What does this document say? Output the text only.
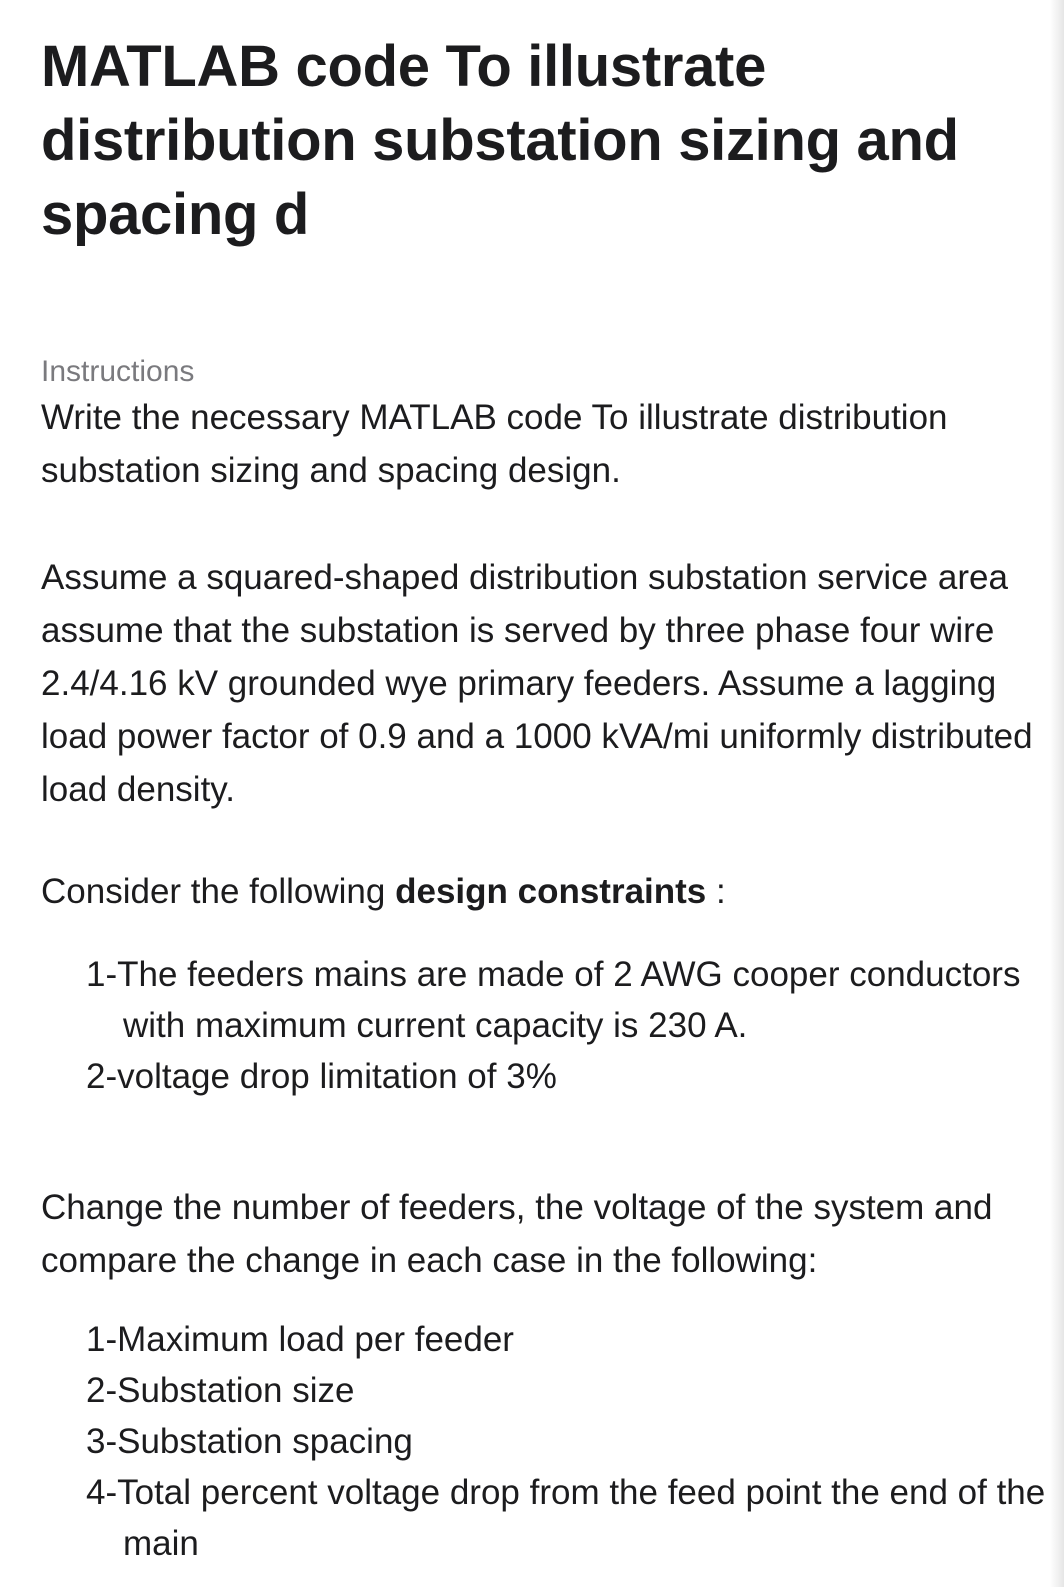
MATLAB code To illustrate distribution substation sizing and spacing d

Instructions

Write the necessary MATLAB code To illustrate distribution substation sizing and spacing design.

Assume a squared-shaped distribution substation service area assume that the substation is served by three phase four wire 2.4/4.16 kV grounded wye primary feeders. Assume a lagging load power factor of 0.9 and a 1000 kVA/mi uniformly distributed load density.

Consider the following design constraints :

1-The feeders mains are made of 2 AWG cooper conductors with maximum current capacity is 230 A.
2-voltage drop limitation of 3%

Change the number of feeders, the voltage of the system and compare the change in each case in the following:

1-Maximum load per feeder
2-Substation size
3-Substation spacing
4-Total percent voltage drop from the feed point the end of the main
